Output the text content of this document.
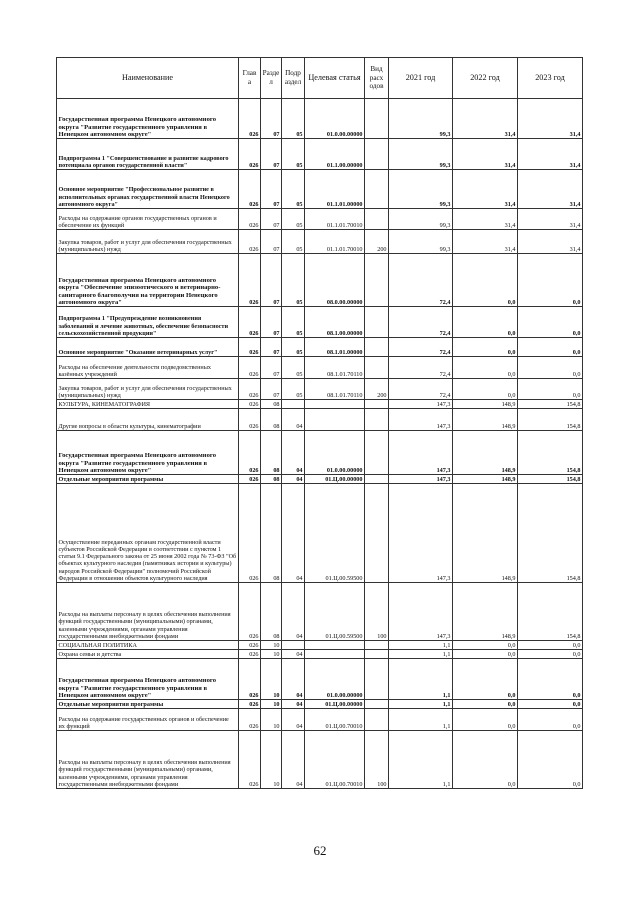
Наименование	Глав а	Разде л	Подр аздел	Целевая статья	Вид расх одов	2021 год	2022 год	2023 год
Государственная программа Ненецкого автономного округа "Развитие государственного управления в Ненецком автономном округе"	026	07	05	01.0.00.00000		99,3	31,4	31,4
Подпрограмма 1 "Совершенствование и развитие кадрового потенциала органов государственной власти"	026	07	05	01.1.00.00000		99,3	31,4	31,4
Основное мероприятие "Профессиональное развитие в исполнительных органах государственной власти Ненецкого автономного округа"	026	07	05	01.1.01.00000		99,3	31,4	31,4
Расходы на содержание органов государственных органов и обеспечение их функций	026	07	05	01.1.01.70010		99,3	31,4	31,4
Закупка товаров, работ и услуг для обеспечения государственных (муниципальных) нужд	026	07	05	01.1.01.70010	200	99,3	31,4	31,4
Государственная программа Ненецкого автономного округа "Обеспечение эпизоотического и ветеринарно-санитарного благополучия на территории Ненецкого автономного округа"	026	07	05	08.0.00.00000		72,4	0,0	0,0
Подпрограмма 1 "Предупреждение возникновения заболеваний и лечение животных, обеспечение безопасности сельскохозяйственной продукции"	026	07	05	08.1.00.00000		72,4	0,0	0,0
Основное мероприятие "Оказание ветеринарных услуг"	026	07	05	08.1.01.00000		72,4	0,0	0,0
Расходы на обеспечение деятельности подведомственных казённых учреждений	026	07	05	08.1.01.70110		72,4	0,0	0,0
Закупка товаров, работ и услуг для обеспечения государственных (муниципальных) нужд	026	07	05	08.1.01.70110	200	72,4	0,0	0,0
КУЛЬТУРА, КИНЕМАТОГРАФИЯ	026	08				147,3	148,9	154,8
Другие вопросы в области культуры, кинематографии	026	08	04			147,3	148,9	154,8
Государственная программа Ненецкого автономного округа "Развитие государственного управления в Ненецком автономном округе"	026	08	04	01.0.00.00000		147,3	148,9	154,8
Отдельные мероприятия программы	026	08	04	01.Ц.00.00000		147,3	148,9	154,8
Осуществление переданных органам государственной власти субъектов Российской Федерации в соответствии с пунктом 1 статьи 9.1 Федерального закона от 25 июня 2002 года № 73-ФЗ "Об объектах культурного наследия (памятниках истории и культуры) народов Российской Федерации" полномочий Российской Федерации в отношении объектов культурного наследия	026	08	04	01.Ц.00.59500		147,3	148,9	154,8
Расходы на выплаты персоналу в целях обеспечения выполнения функций государственными (муниципальными) органами, казенными учреждениями, органами управления государственными внебюджетными фондами	026	08	04	01.Ц.00.59500	100	147,3	148,9	154,8
СОЦИАЛЬНАЯ ПОЛИТИКА	026	10				1,1	0,0	0,0
Охрана семьи и детства	026	10	04			1,1	0,0	0,0
Государственная программа Ненецкого автономного округа "Развитие государственного управления в Ненецком автономном округе"	026	10	04	01.0.00.00000		1,1	0,0	0,0
Отдельные мероприятия программы	026	10	04	01.Ц.00.00000		1,1	0,0	0,0
Расходы на содержание государственных органов и обеспечение их функций	026	10	04	01.Ц.00.70010		1,1	0,0	0,0
Расходы на выплаты персоналу в целях обеспечения выполнения функций государственными (муниципальными) органами, казенными учреждениями, органами управления государственными внебюджетными фондами	026	10	04	01.Ц.00.70010	100	1,1	0,0	0,0
62
